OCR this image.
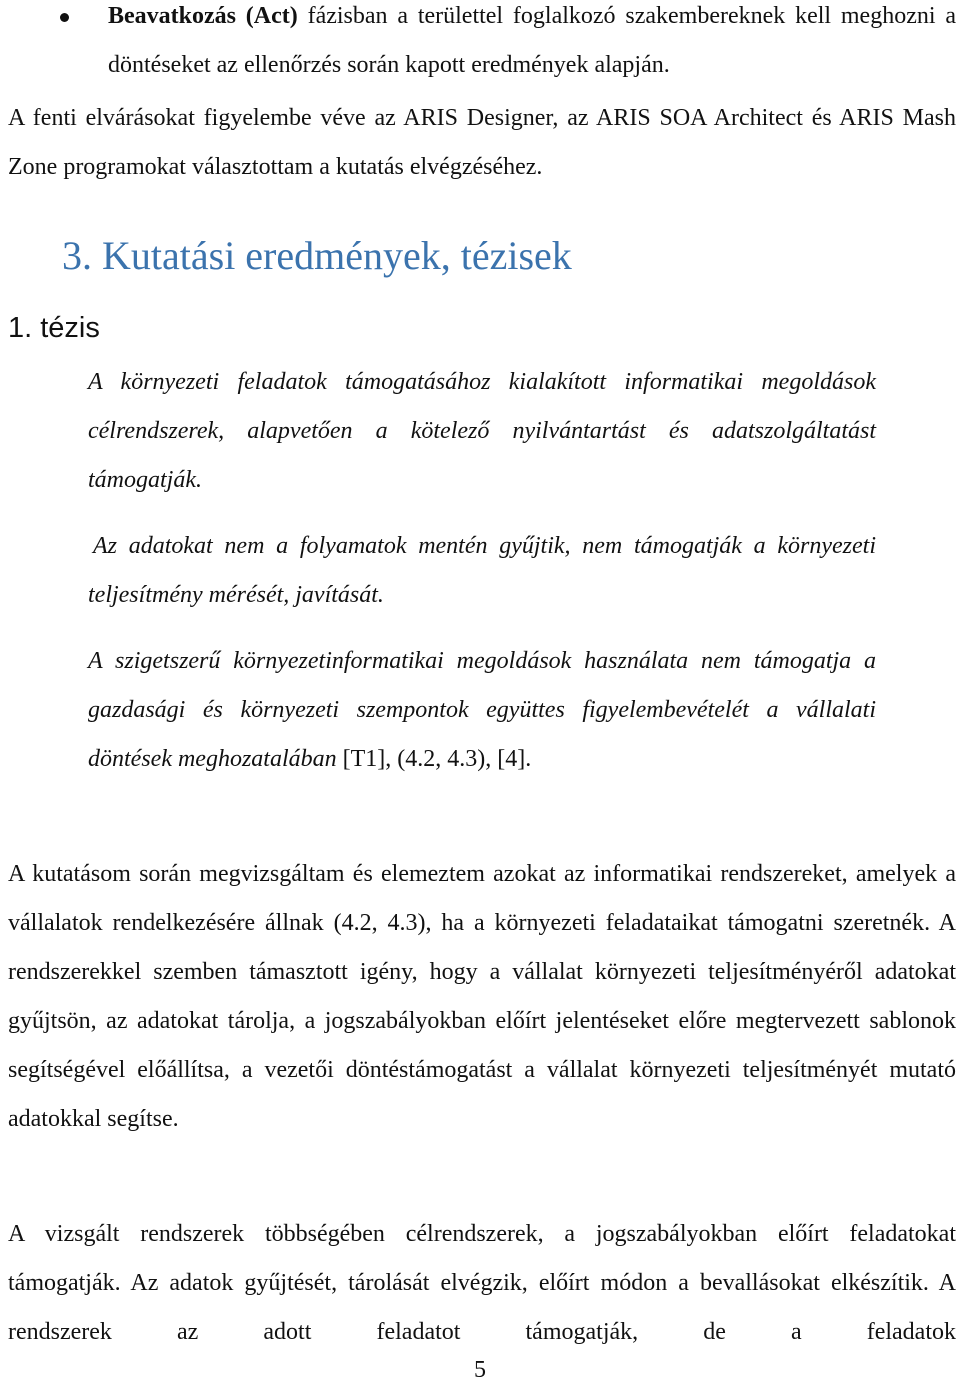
Beavatkozás (Act) fázisban a területtel foglalkozó szakembereknek kell meghozni a döntéseket az ellenőrzés során kapott eredmények alapján.
A fenti elvárásokat figyelembe véve az ARIS Designer, az ARIS SOA Architect és ARIS Mash Zone programokat választottam a kutatás elvégzéséhez.
3. Kutatási eredmények, tézisek
1. tézis
A környezeti feladatok támogatásához kialakított informatikai megoldások célrendszerek, alapvetően a kötelező nyilvántartást és adatszolgáltatást támogatják.
Az adatokat nem a folyamatok mentén gyűjtik, nem támogatják a környezeti teljesítmény mérését, javítását.
A szigetszerű környezetinformatikai megoldások használata nem támogatja a gazdasági és környezeti szempontok együttes figyelembevételét a vállalati döntések meghozatalában [T1], (4.2, 4.3), [4].
A kutatásom során megvizsgáltam és elemeztem azokat az informatikai rendszereket, amelyek a vállalatok rendelkezésére állnak (4.2, 4.3), ha a környezeti feladataikat támogatni szeretnék. A rendszerekkel szemben támasztott igény, hogy a vállalat környezeti teljesítményéről adatokat gyűjtsön, az adatokat tárolja, a jogszabályokban előírt jelentéseket előre megtervezett sablonok segítségével előállítsa, a vezetői döntéstámogatást a vállalat környezeti teljesítményét mutató adatokkal segítse.
A vizsgált rendszerek többségében célrendszerek, a jogszabályokban előírt feladatokat támogatják. Az adatok gyűjtését, tárolását elvégzik, előírt módon a bevallásokat elkészítik. A rendszerek az adott feladatot támogatják, de a feladatok
5
